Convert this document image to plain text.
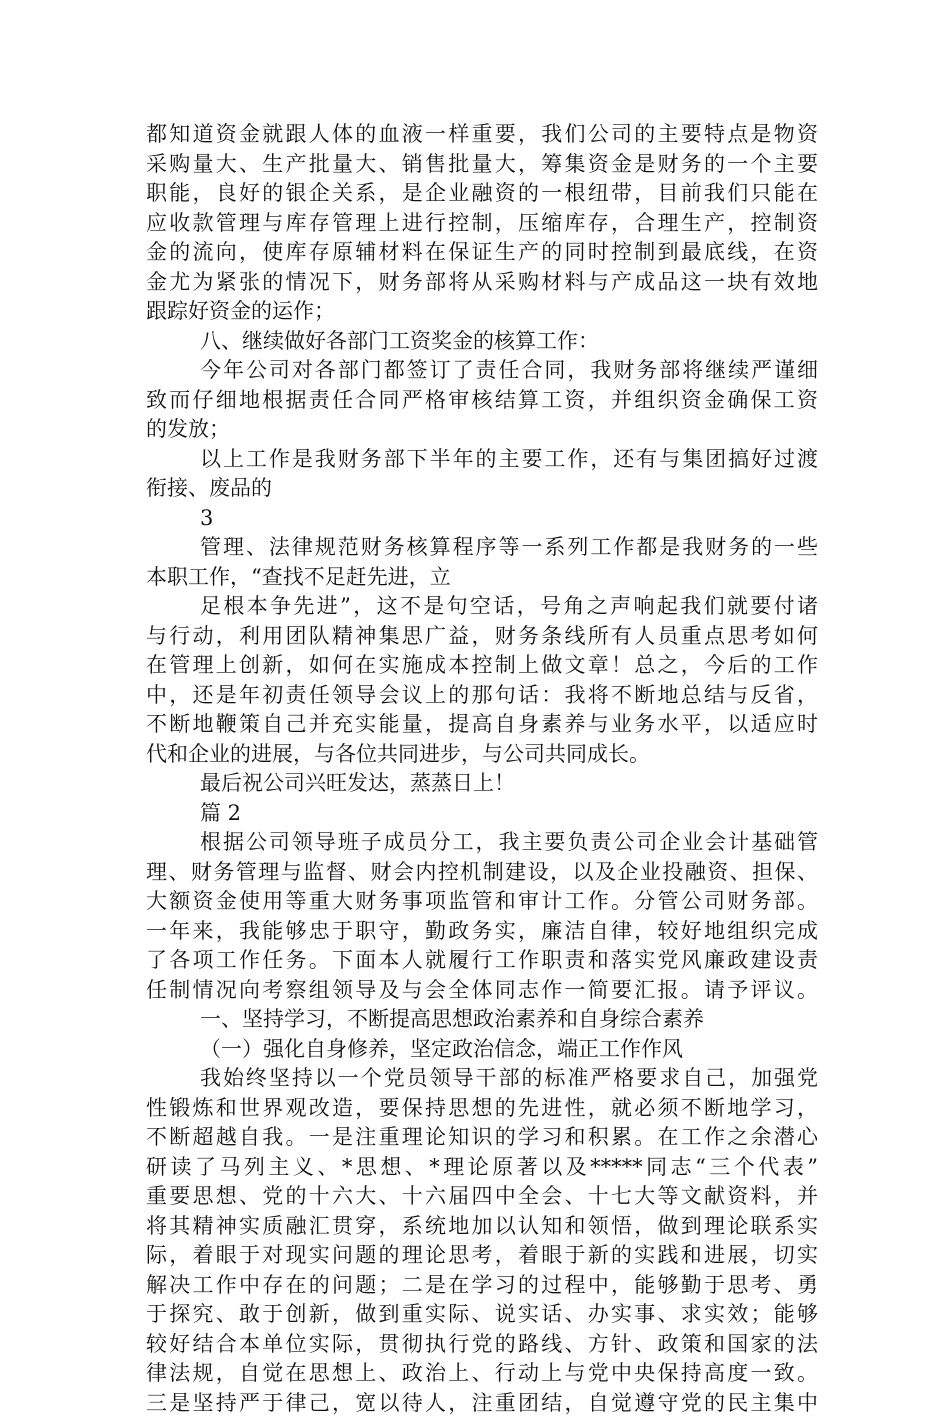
都知道资金就跟人体的血液一样重要，我们公司的主要特点是物资
采购量大、生产批量大、销售批量大，筹集资金是财务的一个主要
职能，良好的银企关系，是企业融资的一根纽带，目前我们只能在
应收款管理与库存管理上进行控制，压缩库存，合理生产，控制资
金的流向，使库存原辅材料在保证生产的同时控制到最底线，在资
金尤为紧张的情况下，财务部将从采购材料与产成品这一块有效地
跟踪好资金的运作；
八、继续做好各部门工资奖金的核算工作：
今年公司对各部门都签订了责任合同，我财务部将继续严谨细
致而仔细地根据责任合同严格审核结算工资，并组织资金确保工资
的发放；
以上工作是我财务部下半年的主要工作，还有与集团搞好过渡
衔接、废品的
3
管理、法律规范财务核算程序等一系列工作都是我财务的一些
本职工作，“查找不足赶先进，立
足根本争先进”，这不是句空话，号角之声响起我们就要付诸
与行动，利用团队精神集思广益，财务条线所有人员重点思考如何
在管理上创新，如何在实施成本控制上做文章！总之，今后的工作
中，还是年初责任领导会议上的那句话：我将不断地总结与反省，
不断地鞭策自己并充实能量，提高自身素养与业务水平，以适应时
代和企业的进展，与各位共同进步，与公司共同成长。
最后祝公司兴旺发达，蒸蒸日上！
篇 2
根据公司领导班子成员分工，我主要负责公司企业会计基础管
理、财务管理与监督、财会内控机制建设，以及企业投融资、担保、
大额资金使用等重大财务事项监管和审计工作。分管公司财务部。
一年来，我能够忠于职守，勤政务实，廉洁自律，较好地组织完成
了各项工作任务。下面本人就履行工作职责和落实党风廉政建设责
任制情况向考察组领导及与会全体同志作一简要汇报。请予评议。
一、坚持学习，不断提高思想政治素养和自身综合素养
（一）强化自身修养，坚定政治信念，端正工作作风
我始终坚持以一个党员领导干部的标准严格要求自己，加强党
性锻炼和世界观改造，要保持思想的先进性，就必须不断地学习，
不断超越自我。一是注重理论知识的学习和积累。在工作之余潜心
研读了马列主义、*思想、*理论原著以及*****同志“三个代表”
重要思想、党的十六大、十六届四中全会、十七大等文献资料，并
将其精神实质融汇贯穿，系统地加以认知和领悟，做到理论联系实
际，着眼于对现实问题的理论思考，着眼于新的实践和进展，切实
解决工作中存在的问题；二是在学习的过程中，能够勤于思考、勇
于探究、敢于创新，做到重实际、说实话、办实事、求实效；能够
较好结合本单位实际，贯彻执行党的路线、方针、政策和国家的法
律法规，自觉在思想上、政治上、行动上与党中央保持高度一致。
三是坚持严于律己，宽以待人，注重团结，自觉遵守党的民主集中
